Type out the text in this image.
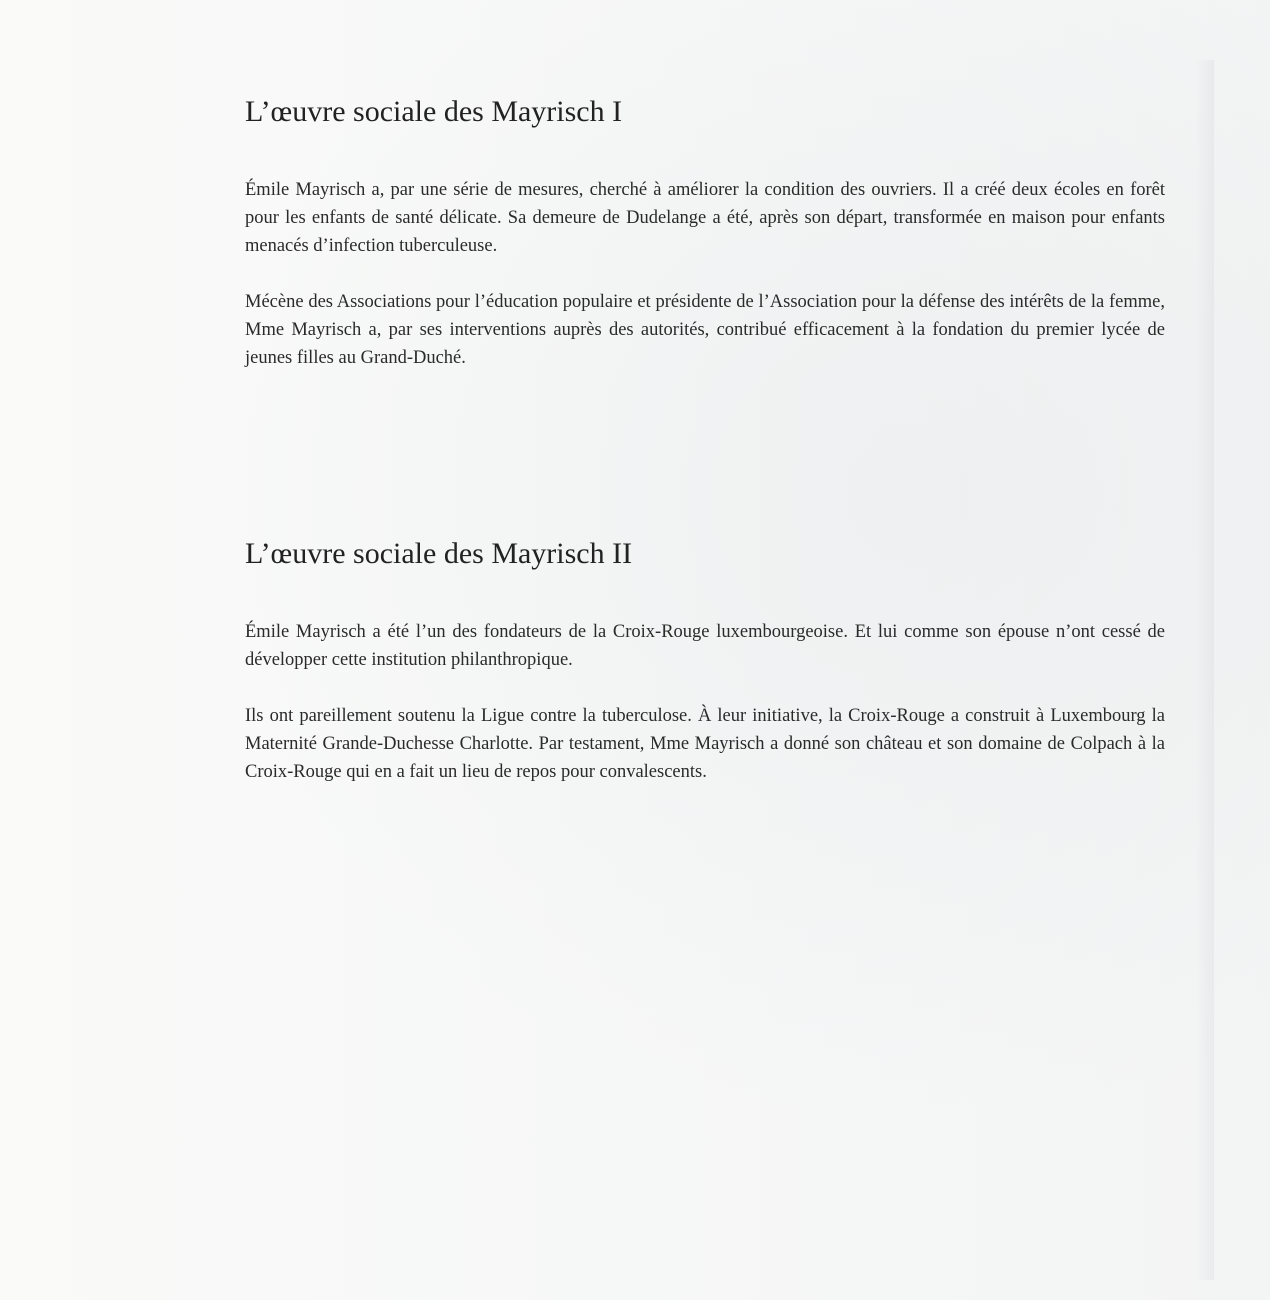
L’œuvre sociale des Mayrisch I

Émile Mayrisch a, par une série de mesures, cherché à améliorer la condition des ouvriers. Il a créé deux écoles en forêt pour les enfants de santé délicate. Sa demeure de Dudelange a été, après son départ, transformée en maison pour enfants menacés d’infection tuberculeuse.

Mécène des Associations pour l’éducation populaire et présidente de l’Association pour la défense des intérêts de la femme, Mme Mayrisch a, par ses interventions auprès des autorités, contribué efficacement à la fondation du premier lycée de jeunes filles au Grand-Duché.

L’œuvre sociale des Mayrisch II

Émile Mayrisch a été l’un des fondateurs de la Croix-Rouge luxembourgeoise. Et lui comme son épouse n’ont cessé de développer cette institution philanthropique.

Ils ont pareillement soutenu la Ligue contre la tuberculose. À leur initiative, la Croix-Rouge a construit à Luxembourg la Maternité Grande-Duchesse Charlotte. Par testament, Mme Mayrisch a donné son château et son domaine de Colpach à la Croix-Rouge qui en a fait un lieu de repos pour convalescents.
